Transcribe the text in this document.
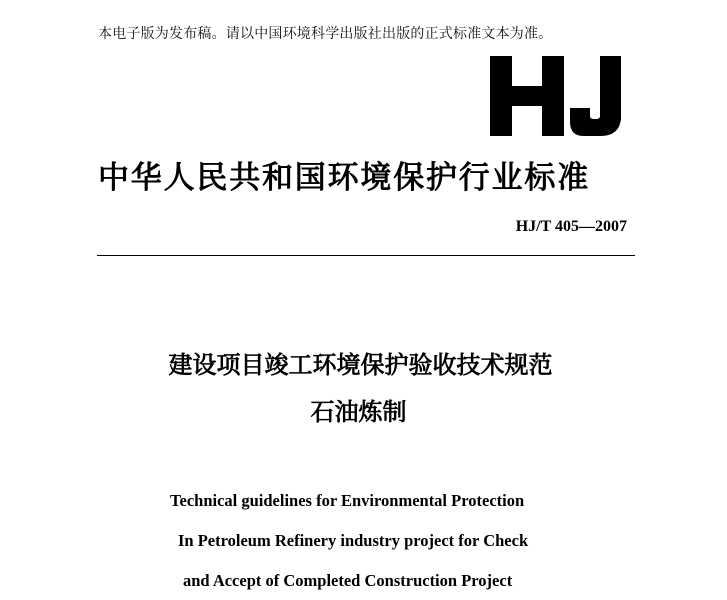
本电子版为发布稿。请以中国环境科学出版社出版的正式标准文本为准。
中华人民共和国环境保护行业标准
HJ/T 405—2007
建设项目竣工环境保护验收技术规范
石油炼制
Technical guidelines for Environmental Protection
In Petroleum Refinery industry project for Check
and Accept of Completed Construction Project
